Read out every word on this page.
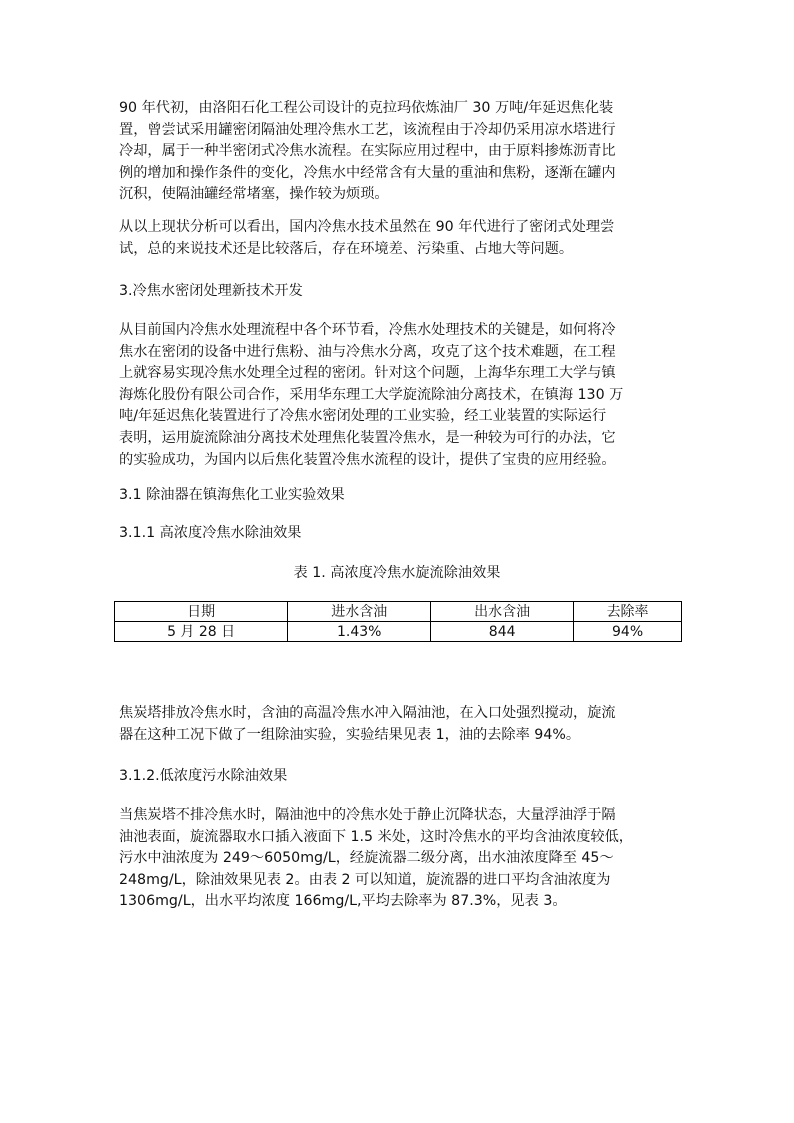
90 年代初，由洛阳石化工程公司设计的克拉玛依炼油厂 30 万吨/年延迟焦化装
置，曾尝试采用罐密闭隔油处理冷焦水工艺，该流程由于冷却仍采用凉水塔进行
冷却，属于一种半密闭式冷焦水流程。在实际应用过程中，由于原料掺炼沥青比
例的增加和操作条件的变化，冷焦水中经常含有大量的重油和焦粉，逐渐在罐内
沉积，使隔油罐经常堵塞，操作较为烦琐。

从以上现状分析可以看出，国内冷焦水技术虽然在 90 年代进行了密闭式处理尝
试，总的来说技术还是比较落后，存在环境差、污染重、占地大等问题。

3.冷焦水密闭处理新技术开发

从目前国内冷焦水处理流程中各个环节看，冷焦水处理技术的关键是，如何将冷
焦水在密闭的设备中进行焦粉、油与冷焦水分离，攻克了这个技术难题，在工程
上就容易实现冷焦水处理全过程的密闭。针对这个问题，上海华东理工大学与镇
海炼化股份有限公司合作，采用华东理工大学旋流除油分离技术，在镇海 130 万
吨/年延迟焦化装置进行了冷焦水密闭处理的工业实验，经工业装置的实际运行
表明，运用旋流除油分离技术处理焦化装置冷焦水，是一种较为可行的办法，它
的实验成功，为国内以后焦化装置冷焦水流程的设计，提供了宝贵的应用经验。

3.1 除油器在镇海焦化工业实验效果

3.1.1 高浓度冷焦水除油效果

表 1. 高浓度冷焦水旋流除油效果

日期	进水含油	出水含油	去除率
5 月 28 日	1.43%	844	94%

焦炭塔排放冷焦水时，含油的高温冷焦水冲入隔油池，在入口处强烈搅动，旋流
器在这种工况下做了一组除油实验，实验结果见表 1，油的去除率 94%。

3.1.2.低浓度污水除油效果

当焦炭塔不排冷焦水时，隔油池中的冷焦水处于静止沉降状态，大量浮油浮于隔
油池表面，旋流器取水口插入液面下 1.5 米处，这时冷焦水的平均含油浓度较低，
污水中油浓度为 249～6050mg/L，经旋流器二级分离，出水油浓度降至 45～
248mg/L，除油效果见表 2。由表 2 可以知道，旋流器的进口平均含油浓度为
1306mg/L，出水平均浓度 166mg/L,平均去除率为 87.3%，见表 3。
